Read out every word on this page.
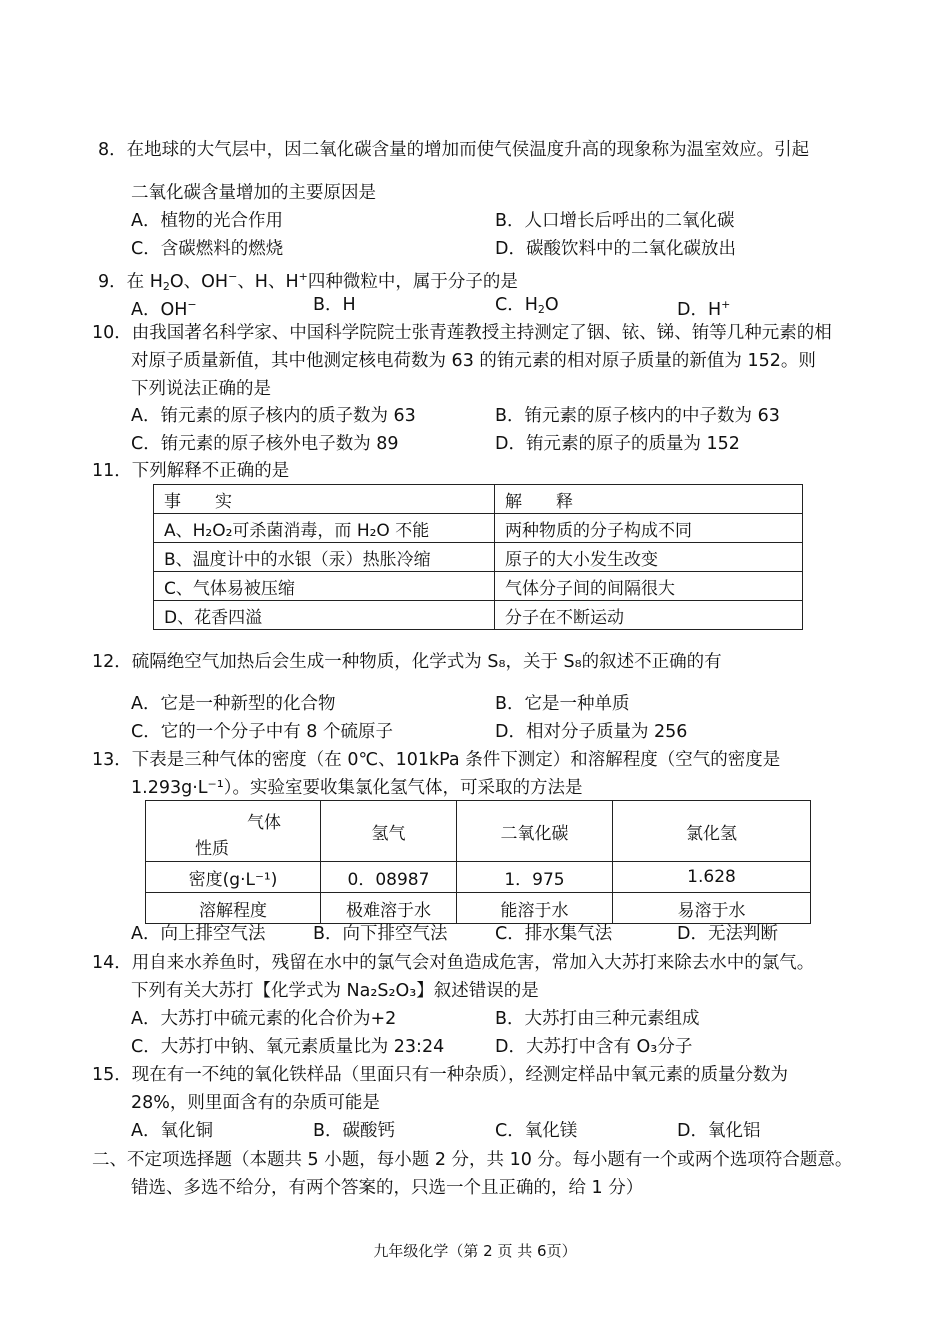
8．在地球的大气层中，因二氧化碳含量的增加而使气侯温度升高的现象称为温室效应。引起
二氧化碳含量增加的主要原因是
A．植物的光合作用	B．人口增长后呼出的二氧化碳
C．含碳燃料的燃烧	D．碳酸饮料中的二氧化碳放出
9．在 $H_2O$、OH−、H、H+四种微粒中，属于分子的是
A．OH−	B．H	C．$H_2O$	D．H+
10．由我国著名科学家、中国科学院院士张青莲教授主持测定了铟、铱、锑、铕等几种元素的相
对原子质量新值，其中他测定核电荷数为 63 的铕元素的相对原子质量的新值为 152。则
下列说法正确的是
A．铕元素的原子核内的质子数为 63	B．铕元素的原子核内的中子数为 63
C．铕元素的原子核外电子数为 89	D．铕元素的原子的质量为 152
11．下列解释不正确的是
事　　实	解　　释
A、H₂O₂可杀菌消毒，而 H₂O 不能	两种物质的分子构成不同
B、温度计中的水银（汞）热胀冷缩	原子的大小发生改变
C、气体易被压缩	气体分子间的间隔很大
D、花香四溢	分子在不断运动
12．硫隔绝空气加热后会生成一种物质，化学式为 S₈，关于 S₈的叙述不正确的有
A．它是一种新型的化合物	B．它是一种单质
C．它的一个分子中有 8 个硫原子	D．相对分子质量为 256
13．下表是三种气体的密度（在 0℃、101kPa 条件下测定）和溶解程度（空气的密度是
1.293g·L⁻¹）。实验室要收集氯化氢气体，可采取的方法是
气体
性质	氢气	二氧化碳	氯化氢
密度(g·L⁻¹)	0．08987	1．975	1.628
溶解程度	极难溶于水	能溶于水	易溶于水
A．向上排空气法	B．向下排空气法	C．排水集气法	D．无法判断
14．用自来水养鱼时，残留在水中的氯气会对鱼造成危害，常加入大苏打来除去水中的氯气。
下列有关大苏打【化学式为 Na₂S₂O₃】叙述错误的是
A．大苏打中硫元素的化合价为+2	B．大苏打由三种元素组成
C．大苏打中钠、氧元素质量比为 23:24	D．大苏打中含有 O₃分子
15．现在有一不纯的氧化铁样品（里面只有一种杂质），经测定样品中氧元素的质量分数为
28%，则里面含有的杂质可能是
A．氧化铜	B．碳酸钙	C．氧化镁	D．氧化铝
二、不定项选择题（本题共 5 小题，每小题 2 分，共 10 分。每小题有一个或两个选项符合题意。
错选、多选不给分，有两个答案的，只选一个且正确的，给 1 分）
九年级化学（第 2 页 共 6页）
